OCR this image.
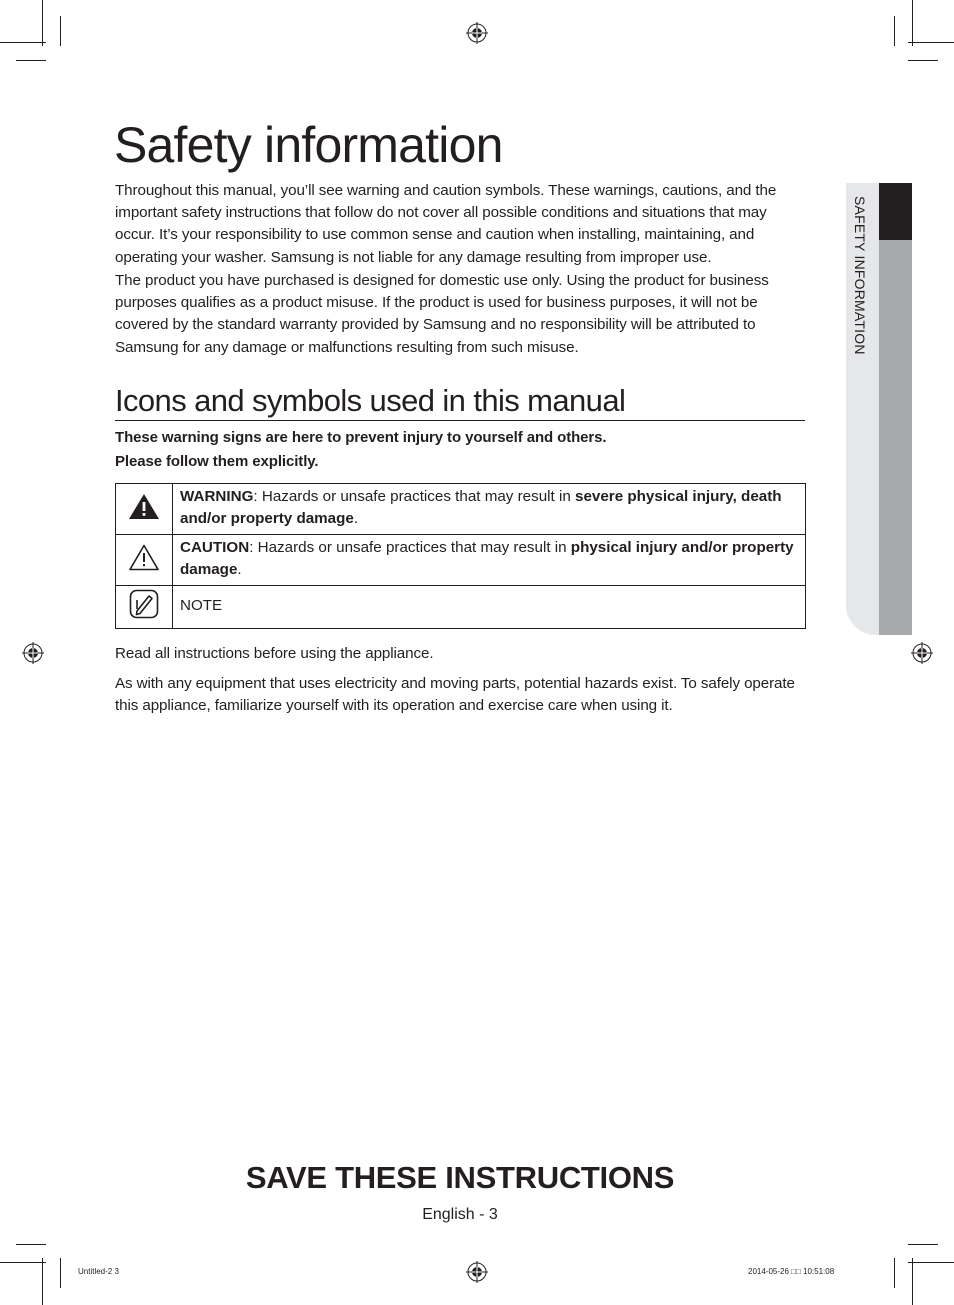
SAFETY INFORMATION
Safety information

Throughout this manual, you’ll see warning and caution symbols. These warnings, cautions, and the important safety instructions that follow do not cover all possible conditions and situations that may occur. It’s your responsibility to use common sense and caution when installing, maintaining, and operating your washer. Samsung is not liable for any damage resulting from improper use.

The product you have purchased is designed for domestic use only. Using the product for business purposes qualifies as a product misuse. If the product is used for business purposes, it will not be covered by the standard warranty provided by Samsung and no responsibility will be attributed to Samsung for any damage or malfunctions resulting from such misuse.

Icons and symbols used in this manual

These warning signs are here to prevent injury to yourself and others.

Please follow them explicitly.

	WARNING: Hazards or unsafe practices that may result in severe physical injury, death and/or property damage.
	CAUTION: Hazards or unsafe practices that may result in physical injury and/or property damage.
	NOTE

Read all instructions before using the appliance.

As with any equipment that uses electricity and moving parts, potential hazards exist. To safely operate this appliance, familiarize yourself with its operation and exercise care when using it.

SAVE THESE INSTRUCTIONS

English - 3

Untitled-2 3	2014-05-26 ﻿□□ 10:51:08
